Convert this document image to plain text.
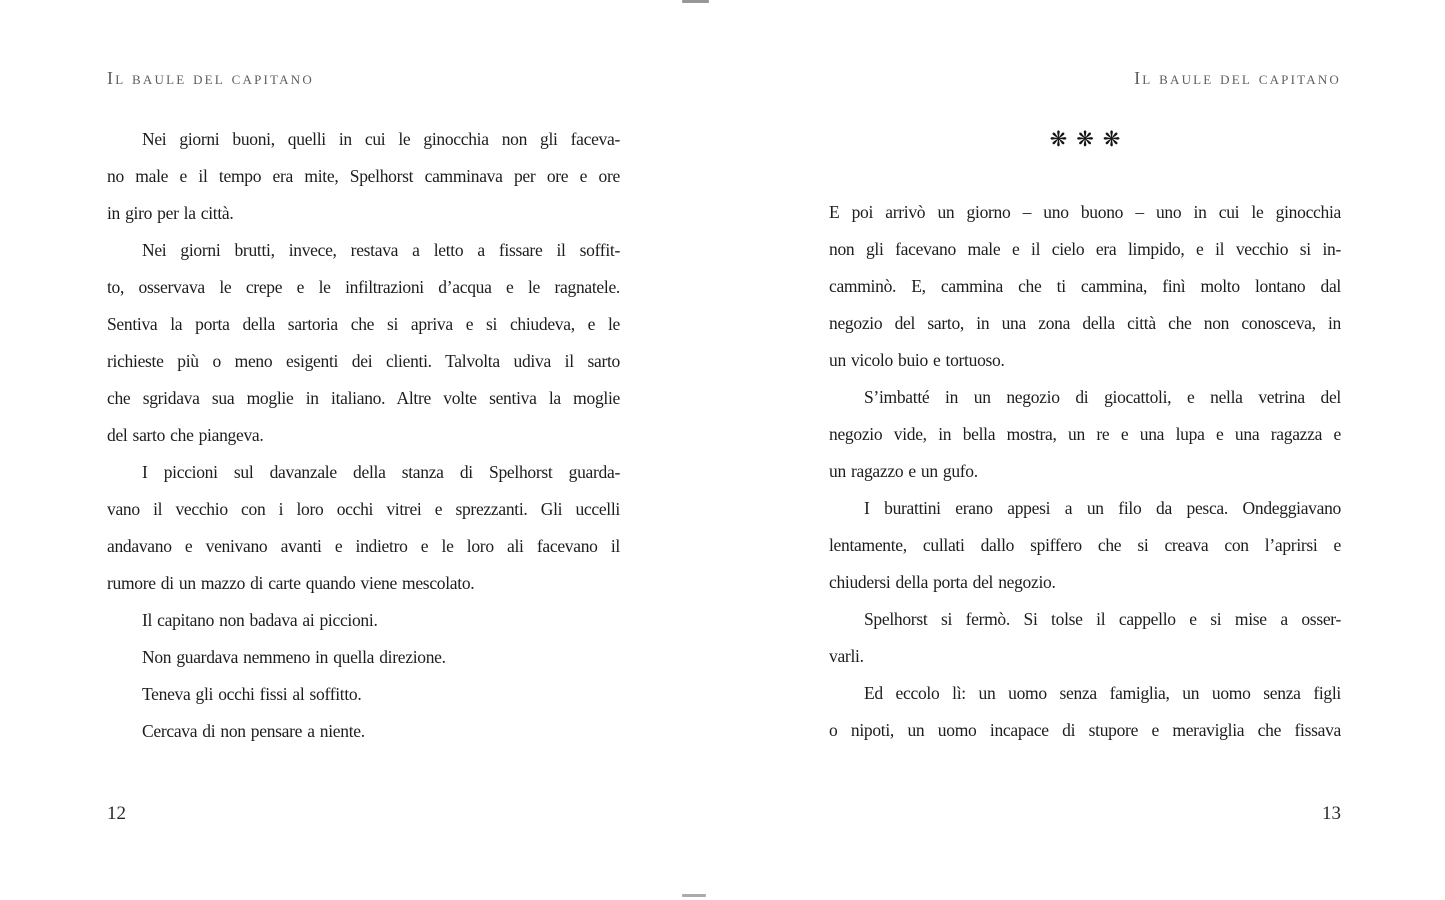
Il baule del capitano
Nei giorni buoni, quelli in cui le ginocchia non gli faceva-
no male e il tempo era mite, Spelhorst camminava per ore e ore
in giro per la città.
Nei giorni brutti, invece, restava a letto a fissare il soffit-
to, osservava le crepe e le infiltrazioni d’acqua e le ragnatele.
Sentiva la porta della sartoria che si apriva e si chiudeva, e le
richieste più o meno esigenti dei clienti. Talvolta udiva il sarto
che sgridava sua moglie in italiano. Altre volte sentiva la moglie
del sarto che piangeva.
I piccioni sul davanzale della stanza di Spelhorst guarda-
vano il vecchio con i loro occhi vitrei e sprezzanti. Gli uccelli
andavano e venivano avanti e indietro e le loro ali facevano il
rumore di un mazzo di carte quando viene mescolato.
Il capitano non badava ai piccioni.
Non guardava nemmeno in quella direzione.
Teneva gli occhi fissi al soffitto.
Cercava di non pensare a niente.
12
Il baule del capitano
❋❋❋
E poi arrivò un giorno – uno buono – uno in cui le ginocchia
non gli facevano male e il cielo era limpido, e il vecchio si in-
camminò. E, cammina che ti cammina, finì molto lontano dal
negozio del sarto, in una zona della città che non conosceva, in
un vicolo buio e tortuoso.
S’imbatté in un negozio di giocattoli, e nella vetrina del
negozio vide, in bella mostra, un re e una lupa e una ragazza e
un ragazzo e un gufo.
I burattini erano appesi a un filo da pesca. Ondeggiavano
lentamente, cullati dallo spiffero che si creava con l’aprirsi e
chiudersi della porta del negozio.
Spelhorst si fermò. Si tolse il cappello e si mise a osser-
varli.
Ed eccolo lì: un uomo senza famiglia, un uomo senza figli
o nipoti, un uomo incapace di stupore e meraviglia che fissava
13
